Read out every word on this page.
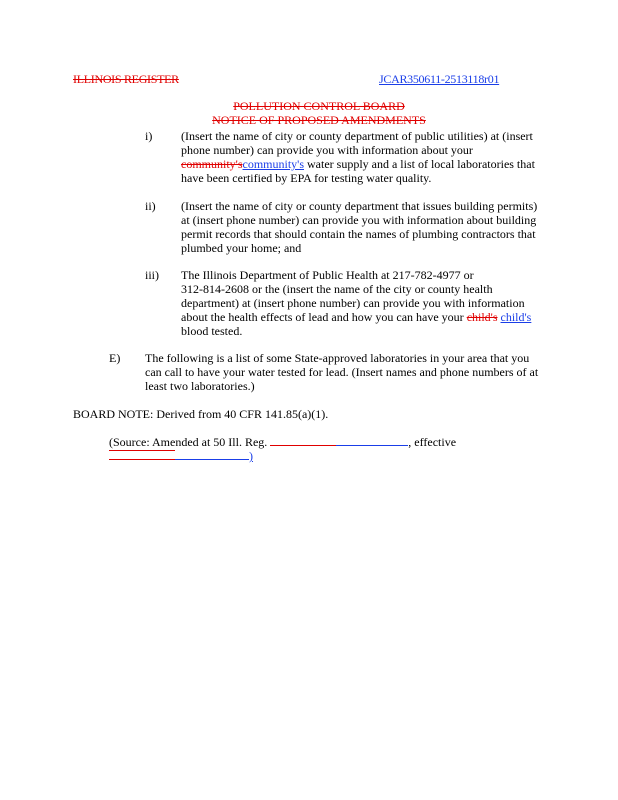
ILLINOIS REGISTER	JCAR350611-2513118r01
POLLUTION CONTROL BOARD
NOTICE OF PROPOSED AMENDMENTS
i) (Insert the name of city or county department of public utilities) at (insert
phone number) can provide you with information about your
community'scommunity's water supply and a list of local laboratories that
have been certified by EPA for testing water quality.
ii) (Insert the name of city or county department that issues building permits)
at (insert phone number) can provide you with information about building
permit records that should contain the names of plumbing contractors that
plumbed your home; and
iii) The Illinois Department of Public Health at 217-782-4977 or
312-814-2608 or the (insert the name of the city or county health
department) at (insert phone number) can provide you with information
about the health effects of lead and how you can have your child's child's
blood tested.
E) The following is a list of some State-approved laboratories in your area that you
can call to have your water tested for lead. (Insert names and phone numbers of at
least two laboratories.)
BOARD NOTE: Derived from 40 CFR 141.85(a)(1).
(Source: Amended at 50 Ill. Reg.	, effective
)
